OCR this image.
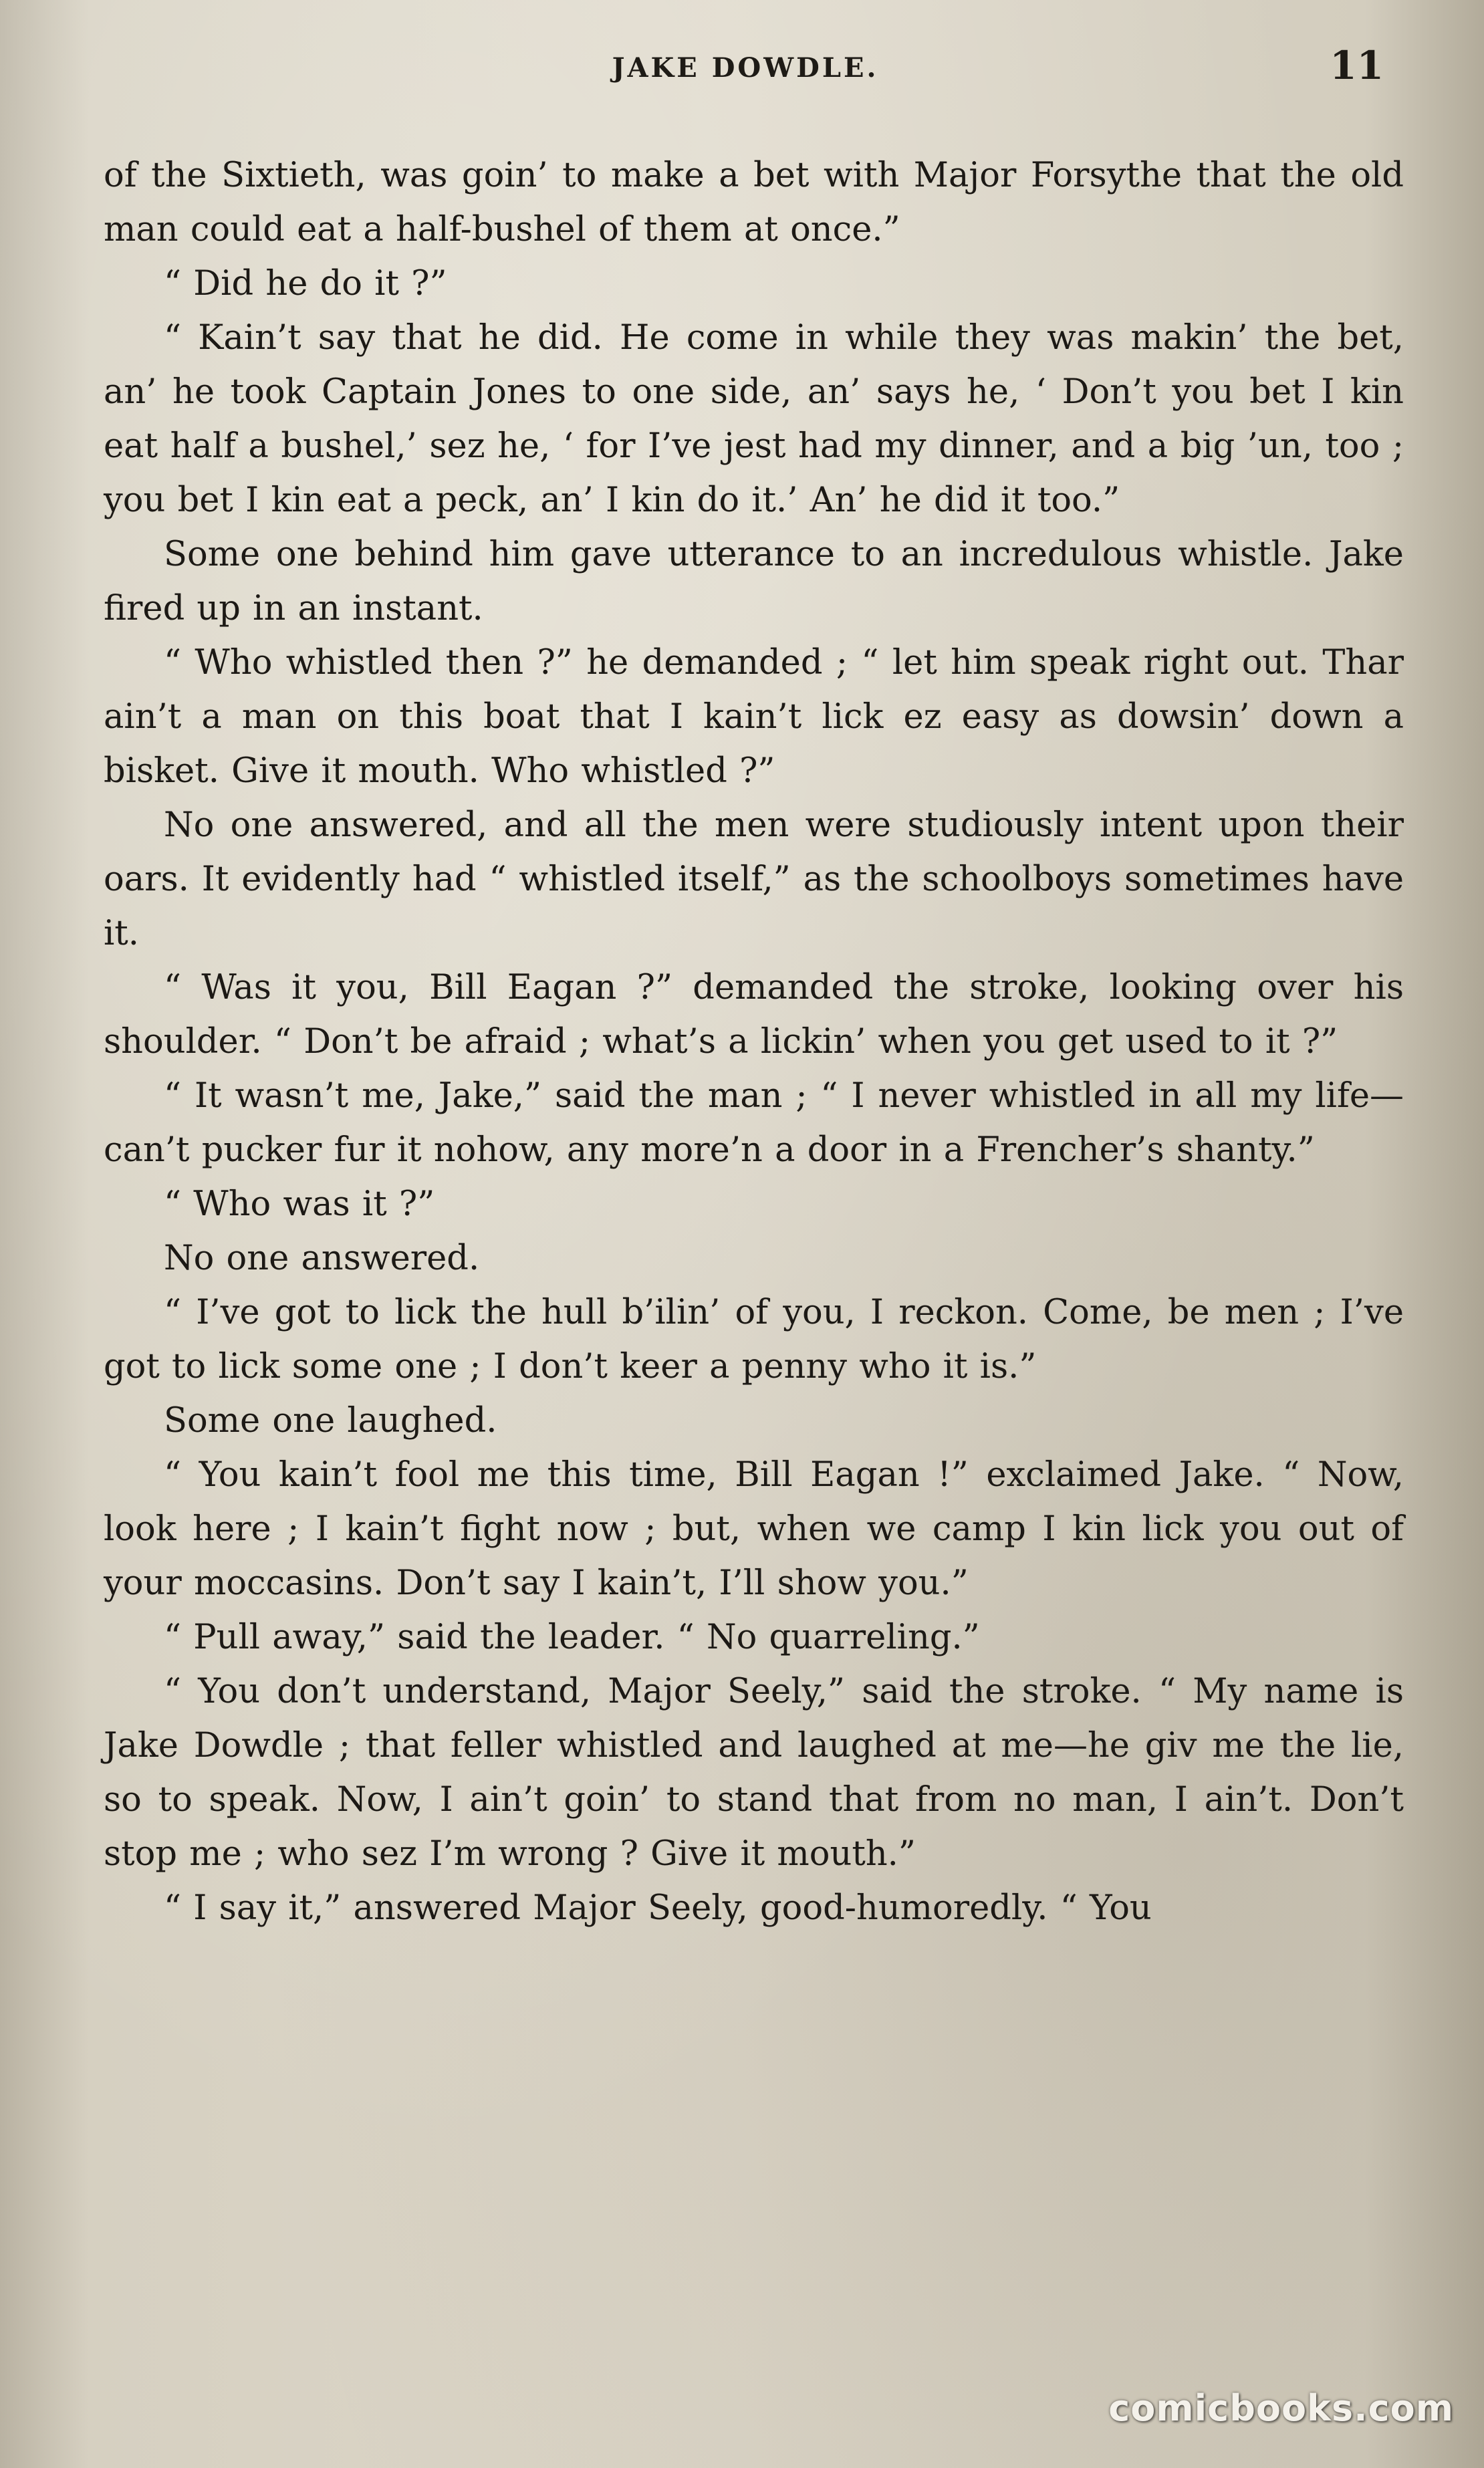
JAKE DOWDLE.	11

of the Sixtieth, was goin’ to make a bet with Major Forsythe that the old man could eat a half-bushel of them at once.”

“ Did he do it ?”

“ Kain’t say that he did. He come in while they was makin’ the bet, an’ he took Captain Jones to one side, an’ says he, ‘ Don’t you bet I kin eat half a bushel,’ sez he, ‘ for I’ve jest had my dinner, and a big ’un, too ; you bet I kin eat a peck, an’ I kin do it.’ An’ he did it too.”

Some one behind him gave utterance to an incredulous whistle. Jake fired up in an instant.

“ Who whistled then ?” he demanded ; “ let him speak right out. Thar ain’t a man on this boat that I kain’t lick ez easy as dowsin’ down a bisket. Give it mouth. Who whistled ?”

No one answered, and all the men were studiously intent upon their oars. It evidently had “ whistled itself,” as the schoolboys sometimes have it.

“ Was it you, Bill Eagan ?” demanded the stroke, looking over his shoulder. “ Don’t be afraid ; what’s a lickin’ when you get used to it ?”

“ It wasn’t me, Jake,” said the man ; “ I never whistled in all my life—can’t pucker fur it nohow, any more’n a door in a Frencher’s shanty.”

“ Who was it ?”

No one answered.

“ I’ve got to lick the hull b’ilin’ of you, I reckon. Come, be men ; I’ve got to lick some one ; I don’t keer a penny who it is.”

Some one laughed.

“ You kain’t fool me this time, Bill Eagan !” exclaimed Jake. “ Now, look here ; I kain’t fight now ; but, when we camp I kin lick you out of your moccasins. Don’t say I kain’t, I’ll show you.”

“ Pull away,” said the leader. “ No quarreling.”

“ You don’t understand, Major Seely,” said the stroke. “ My name is Jake Dowdle ; that feller whistled and laughed at me—he giv me the lie, so to speak. Now, I ain’t goin’ to stand that from no man, I ain’t. Don’t stop me ; who sez I’m wrong ? Give it mouth.”

“ I say it,” answered Major Seely, good-humoredly. “ You

comicbooks.com
